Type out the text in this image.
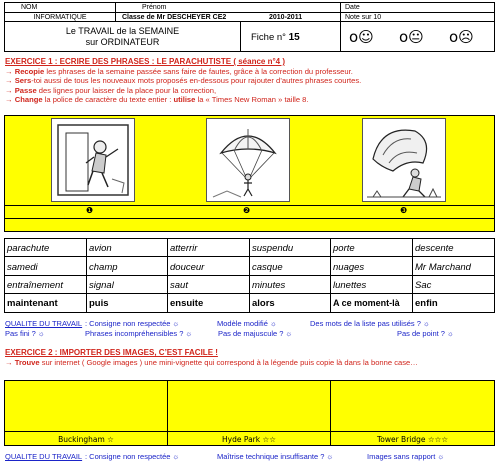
NOM	Prénom	Date
INFORMATIQUE	Classe de Mr DESCHEYER CE2	2010-2011	Note sur 10
Le TRAVAIL de la SEMAINE
sur ORDINATEUR	Fiche n° 15	o☺ o😐 o☹
EXERCICE 1 : ECRIRE DES PHRASES : LE PARACHUTISTE ( séance n°4 )
→ Recopie les phrases de la semaine passée sans faire de fautes, grâce à la correction du professeur.
→ Sers-toi aussi de tous les nouveaux mots proposés en-dessous pour rajouter d’autres phrases courtes.
→ Passe des lignes pour laisser de la place pour la correction,
→ Change la police de caractère du texte entier : utilise la « Times New Roman » taille 8.
❶	❷	❸
parachute	avion	atterrir	suspendu	porte	descente
samedi	champ	douceur	casque	nuages	Mr Marchand
entraînement	signal	saut	minutes	lunettes	Sac
maintenant	puis	ensuite	alors	A ce moment-là	enfin
QUALITE DU TRAVAIL : Consigne non respectée ☼	Modèle modifié ☼	Des mots de la liste pas utilisés ? ☼
Pas fini ? ☼	Phrases incompréhensibles ? ☼	Pas de majuscule ? ☼	Pas de point ? ☼
EXERCICE 2 : IMPORTER DES IMAGES, C’EST FACILE !
→ Trouve sur internet ( Google images ) une mini-vignette qui correspond à la légende puis copie là dans la bonne case…
Buckingham ☆	Hyde Park ☆☆	Tower Bridge ☆☆☆
QUALITE DU TRAVAIL : Consigne non respectée ☼	Maîtrise technique insuffisante ? ☼	Images sans rapport ☼
